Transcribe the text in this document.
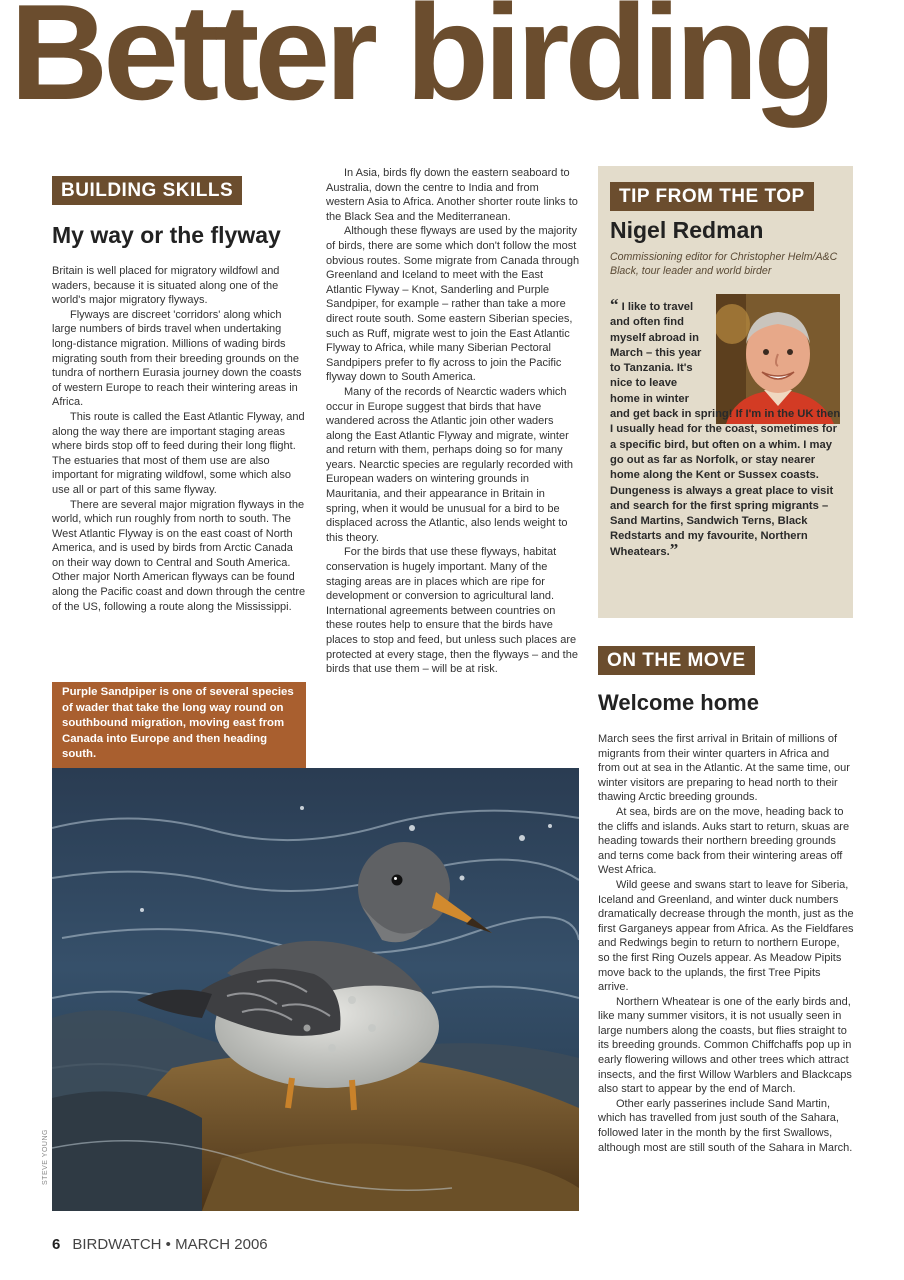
Better birding
BUILDING SKILLS
My way or the flyway

Britain is well placed for migratory wildfowl and waders, because it is situated along one of the world's major migratory flyways.

Flyways are discreet 'corridors' along which large numbers of birds travel when undertaking long-distance migration. Millions of wading birds migrating south from their breeding grounds on the tundra of northern Eurasia journey down the coasts of western Europe to reach their wintering areas in Africa.

This route is called the East Atlantic Flyway, and along the way there are important staging areas where birds stop off to feed during their long flight. The estuaries that most of them use are also important for migrating wildfowl, some which also use all or part of this same flyway.

There are several major migration flyways in the world, which run roughly from north to south. The West Atlantic Flyway is on the east coast of North America, and is used by birds from Arctic Canada on their way down to Central and South America. Other major North American flyways can be found along the Pacific coast and down through the centre of the US, following a route along the Mississippi.

In Asia, birds fly down the eastern seaboard to Australia, down the centre to India and from western Asia to Africa. Another shorter route links to the Black Sea and the Mediterranean.

Although these flyways are used by the majority of birds, there are some which don't follow the most obvious routes. Some migrate from Canada through Greenland and Iceland to meet with the East Atlantic Flyway – Knot, Sanderling and Purple Sandpiper, for example – rather than take a more direct route south. Some eastern Siberian species, such as Ruff, migrate west to join the East Atlantic Flyway to Africa, while many Siberian Pectoral Sandpipers prefer to fly across to join the Pacific flyway down to South America.

Many of the records of Nearctic waders which occur in Europe suggest that birds that have wandered across the Atlantic join other waders along the East Atlantic Flyway and migrate, winter and return with them, perhaps doing so for many years. Nearctic species are regularly recorded with European waders on wintering grounds in Mauritania, and their appearance in Britain in spring, when it would be unusual for a bird to be displaced across the Atlantic, also lends weight to this theory.

For the birds that use these flyways, habitat conservation is hugely important. Many of the staging areas are in places which are ripe for development or conversion to agricultural land. International agreements between countries on these routes help to ensure that the birds have places to stop and feed, but unless such places are protected at every stage, then the flyways – and the birds that use them – will be at risk.

Purple Sandpiper is one of several species of wader that take the long way round on southbound migration, moving east from Canada into Europe and then heading south.
STEVE YOUNG
TIP FROM THE TOP
Nigel Redman
Commissioning editor for Christopher Helm/A&C Black, tour leader and world birder
“ I like to travel and often find myself abroad in March – this year to Tanzania. It's nice to leave home in winter
and get back in spring! If I'm in the UK then I usually head for the coast, sometimes for a specific bird, but often on a whim. I may go out as far as Norfolk, or stay nearer home along the Kent or Sussex coasts. Dungeness is always a great place to visit and search for the first spring migrants – Sand Martins, Sandwich Terns, Black Redstarts and my favourite, Northern Wheatears.”
ON THE MOVE
Welcome home

March sees the first arrival in Britain of millions of migrants from their winter quarters in Africa and from out at sea in the Atlantic. At the same time, our winter visitors are preparing to head north to their thawing Arctic breeding grounds.

At sea, birds are on the move, heading back to the cliffs and islands. Auks start to return, skuas are heading towards their northern breeding grounds and terns come back from their wintering areas off West Africa.

Wild geese and swans start to leave for Siberia, Iceland and Greenland, and winter duck numbers dramatically decrease through the month, just as the first Garganeys appear from Africa. As the Fieldfares and Redwings begin to return to northern Europe, so the first Ring Ouzels appear. As Meadow Pipits move back to the uplands, the first Tree Pipits arrive.

Northern Wheatear is one of the early birds and, like many summer visitors, it is not usually seen in large numbers along the coasts, but flies straight to its breeding grounds. Common Chiffchaffs pop up in early flowering willows and other trees which attract insects, and the first Willow Warblers and Blackcaps also start to appear by the end of March.

Other early passerines include Sand Martin, which has travelled from just south of the Sahara, followed later in the month by the first Swallows, although most are still south of the Sahara in March.

6 BIRDWATCH • MARCH 2006
